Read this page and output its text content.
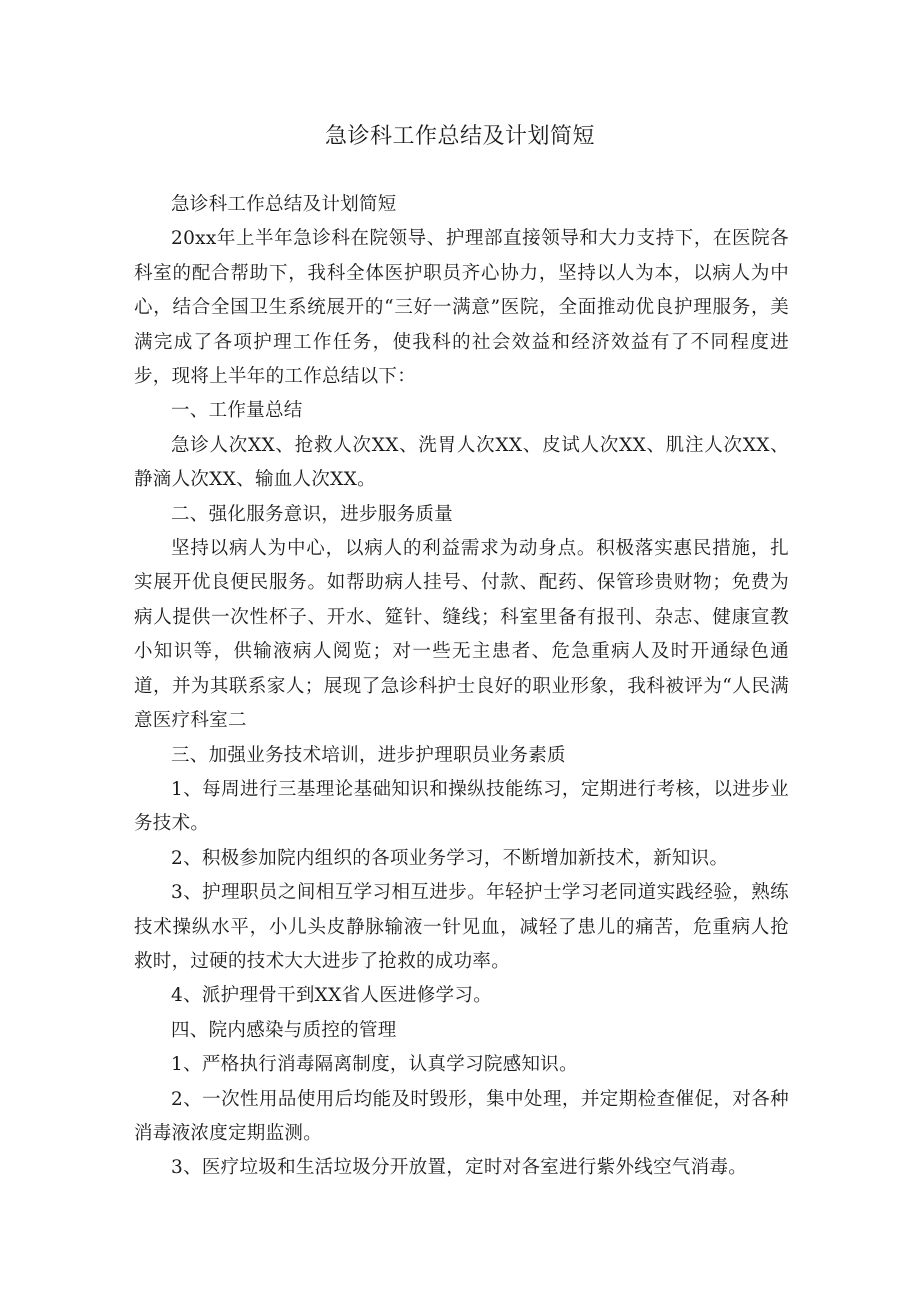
急诊科工作总结及计划简短

急诊科工作总结及计划简短

20xx年上半年急诊科在院领导、护理部直接领导和大力支持下，在医院各科室的配合帮助下，我科全体医护职员齐心协力，坚持以人为本，以病人为中心，结合全国卫生系统展开的“三好一满意”医院，全面推动优良护理服务，美满完成了各项护理工作任务，使我科的社会效益和经济效益有了不同程度进步，现将上半年的工作总结以下：

一、工作量总结

急诊人次XX、抢救人次XX、洗胃人次XX、皮试人次XX、肌注人次XX、静滴人次XX、输血人次XX。

二、强化服务意识，进步服务质量

坚持以病人为中心，以病人的利益需求为动身点。积极落实惠民措施，扎实展开优良便民服务。如帮助病人挂号、付款、配药、保管珍贵财物；免费为病人提供一次性杯子、开水、筵针、缝线；科室里备有报刊、杂志、健康宣教小知识等，供输液病人阅览；对一些无主患者、危急重病人及时开通绿色通道，并为其联系家人；展现了急诊科护士良好的职业形象，我科被评为“人民满意医疗科室二

三、加强业务技术培训，进步护理职员业务素质

1、每周进行三基理论基础知识和操纵技能练习，定期进行考核，以进步业务技术。

2、积极参加院内组织的各项业务学习，不断增加新技术，新知识。

3、护理职员之间相互学习相互进步。年轻护士学习老同道实践经验，熟练技术操纵水平，小儿头皮静脉输液一针见血，减轻了患儿的痛苦，危重病人抢救时，过硬的技术大大进步了抢救的成功率。

4、派护理骨干到XX省人医进修学习。

四、院内感染与质控的管理

1、严格执行消毒隔离制度，认真学习院感知识。

2、一次性用品使用后均能及时毁形，集中处理，并定期检查催促，对各种消毒液浓度定期监测。

3、医疗垃圾和生活垃圾分开放置，定时对各室进行紫外线空气消毒。
